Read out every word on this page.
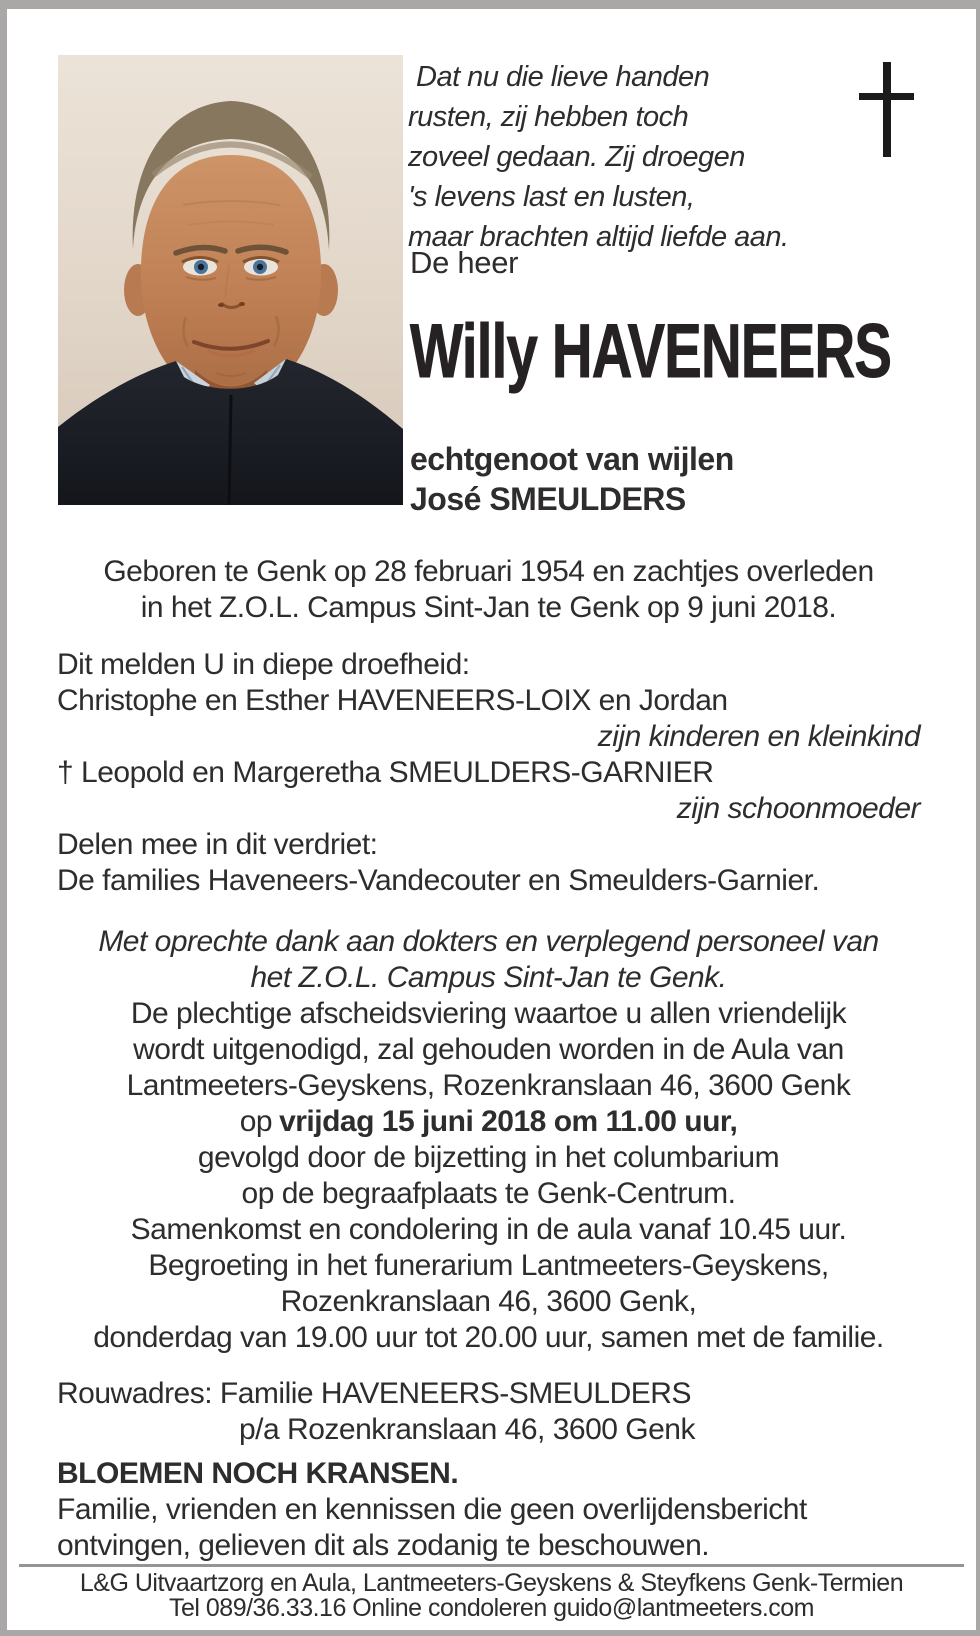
Dat nu die lieve handen
rusten, zij hebben toch
zoveel gedaan. Zij droegen
's levens last en lusten,
maar brachten altijd liefde aan.
De heer
Willy HAVENEERS
echtgenoot van wijlen
José SMEULDERS
Geboren te Genk op 28 februari 1954 en zachtjes overleden
in het Z.O.L. Campus Sint-Jan te Genk op 9 juni 2018.
Dit melden U in diepe droefheid:
Christophe en Esther HAVENEERS-LOIX en Jordan
zijn kinderen en kleinkind
† Leopold en Margeretha SMEULDERS-GARNIER
zijn schoonmoeder
Delen mee in dit verdriet:
De families Haveneers-Vandecouter en Smeulders-Garnier.
Met oprechte dank aan dokters en verplegend personeel van
het Z.O.L. Campus Sint-Jan te Genk.
De plechtige afscheidsviering waartoe u allen vriendelijk
wordt uitgenodigd, zal gehouden worden in de Aula van
Lantmeeters-Geyskens, Rozenkranslaan 46, 3600 Genk
op vrijdag 15 juni 2018 om 11.00 uur,
gevolgd door de bijzetting in het columbarium
op de begraafplaats te Genk-Centrum.
Samenkomst en condolering in de aula vanaf 10.45 uur.
Begroeting in het funerarium Lantmeeters-Geyskens,
Rozenkranslaan 46, 3600 Genk,
donderdag van 19.00 uur tot 20.00 uur, samen met de familie.
Rouwadres: Familie HAVENEERS-SMEULDERS
p/a Rozenkranslaan 46, 3600 Genk
BLOEMEN NOCH KRANSEN.
Familie, vrienden en kennissen die geen overlijdensbericht
ontvingen, gelieven dit als zodanig te beschouwen.
L&G Uitvaartzorg en Aula, Lantmeeters-Geyskens & Steyfkens Genk-Termien
Tel 089/36.33.16 Online condoleren guido@lantmeeters.com
